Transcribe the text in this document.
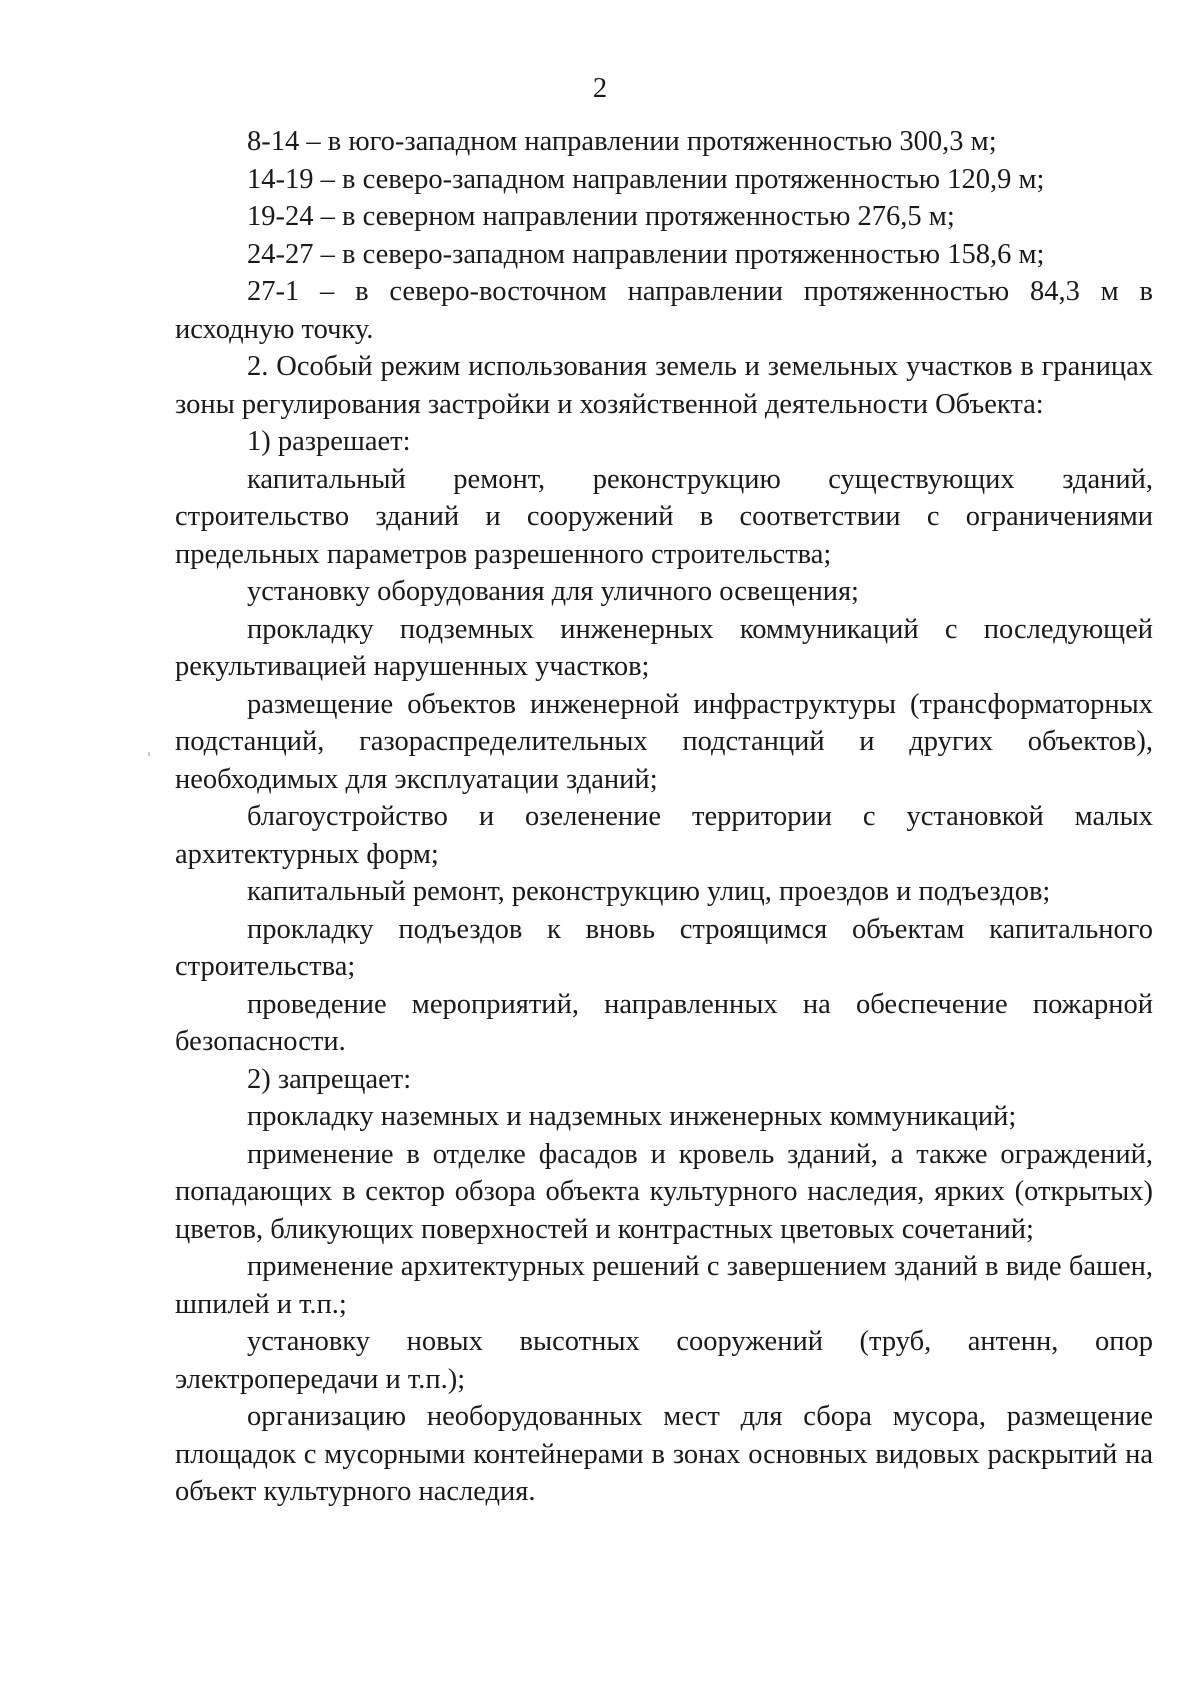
2

8-14 – в юго-западном направлении протяженностью 300,3 м;

14-19 – в северо-западном направлении протяженностью 120,9 м;

19-24 – в северном направлении протяженностью 276,5 м;

24-27 – в северо-западном направлении протяженностью 158,6 м;

27-1 – в северо-восточном направлении протяженностью 84,3 м в исходную точку.

2. Особый режим использования земель и земельных участков в границах зоны регулирования застройки и хозяйственной деятельности Объекта:

1) разрешает:

капитальный ремонт, реконструкцию существующих зданий, строительство зданий и сооружений в соответствии с ограничениями предельных параметров разрешенного строительства;

установку оборудования для уличного освещения;

прокладку подземных инженерных коммуникаций с последующей рекультивацией нарушенных участков;

размещение объектов инженерной инфраструктуры (трансформаторных подстанций, газораспределительных подстанций и других объектов), необходимых для эксплуатации зданий;

благоустройство и озеленение территории с установкой малых архитектурных форм;

капитальный ремонт, реконструкцию улиц, проездов и подъездов;

прокладку подъездов к вновь строящимся объектам капитального строительства;

проведение мероприятий, направленных на обеспечение пожарной безопасности.

2) запрещает:

прокладку наземных и надземных инженерных коммуникаций;

применение в отделке фасадов и кровель зданий, а также ограждений, попадающих в сектор обзора объекта культурного наследия, ярких (открытых) цветов, бликующих поверхностей и контрастных цветовых сочетаний;

применение архитектурных решений с завершением зданий в виде башен, шпилей и т.п.;

установку новых высотных сооружений (труб, антенн, опор электропередачи и т.п.);

организацию необорудованных мест для сбора мусора, размещение площадок с мусорными контейнерами в зонах основных видовых раскрытий на объект культурного наследия.
